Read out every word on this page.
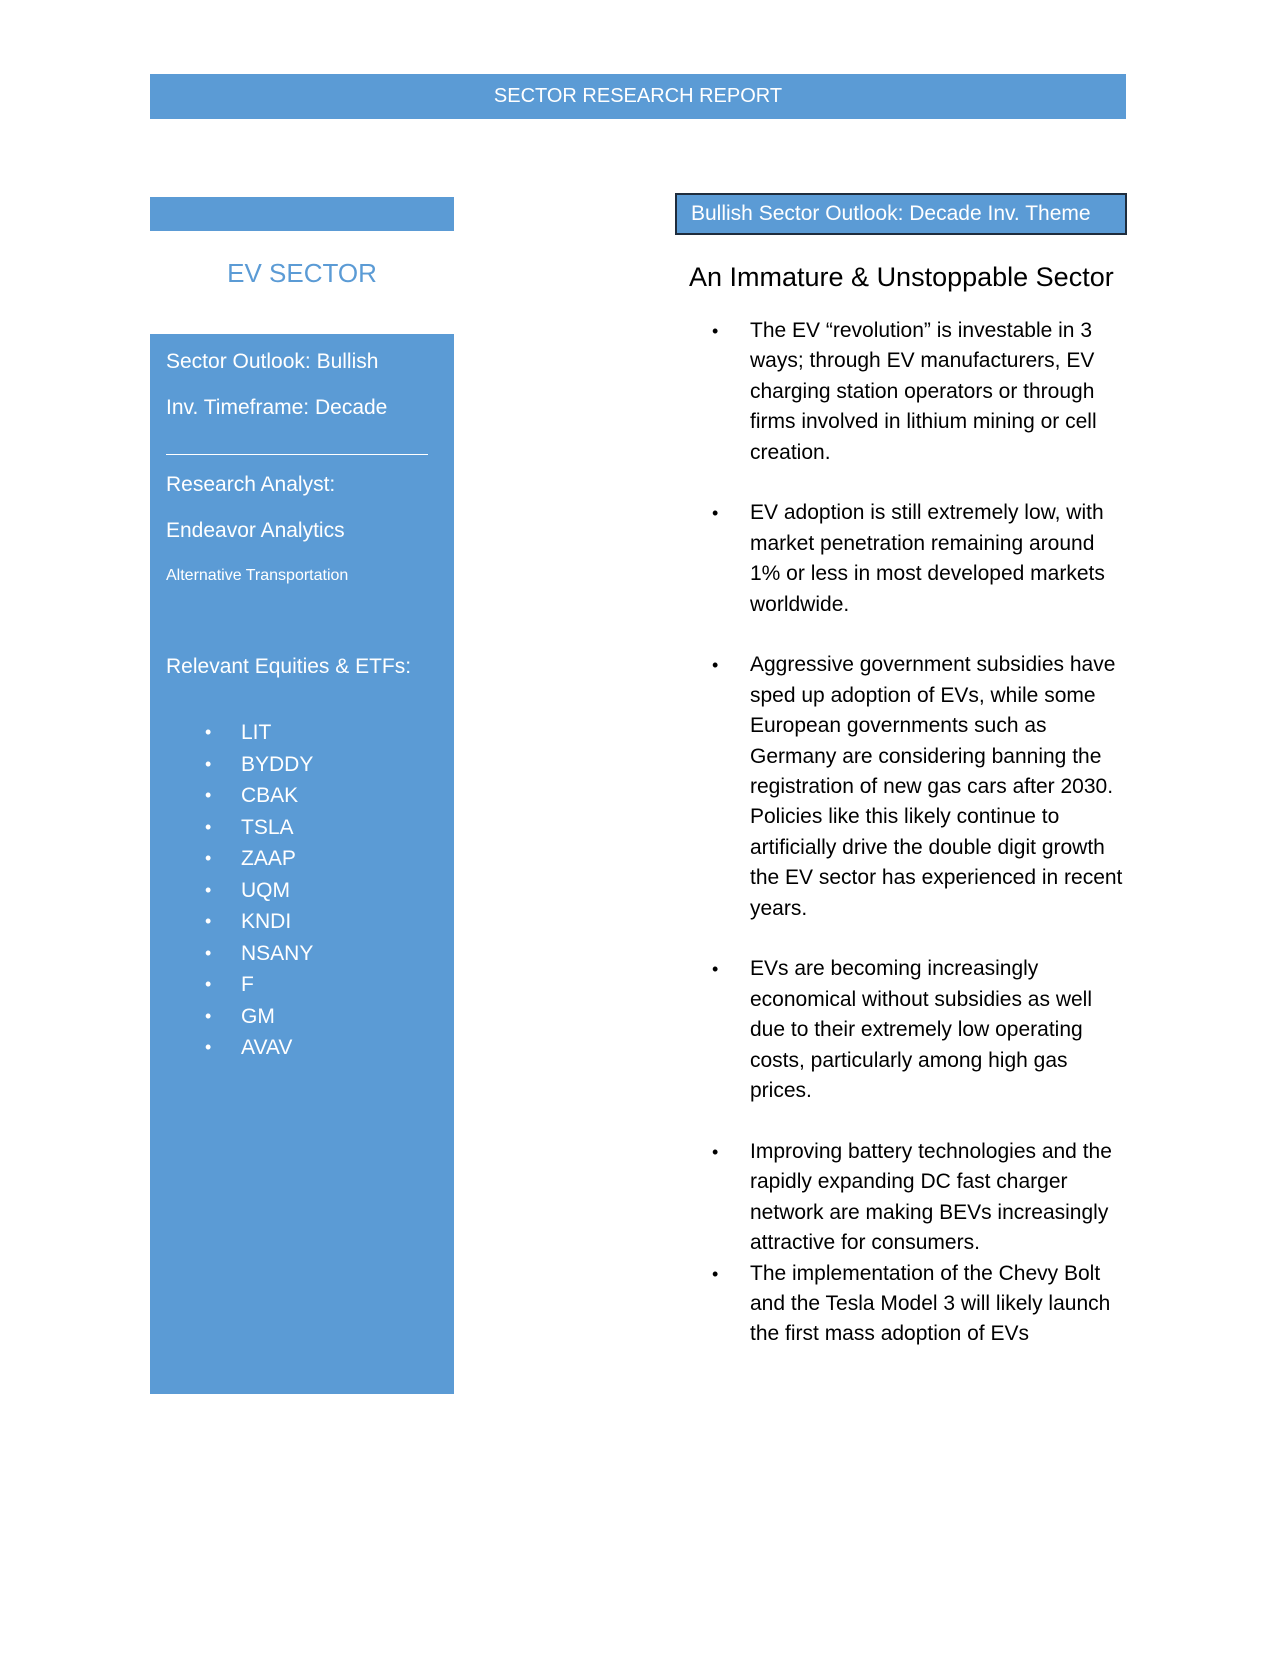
SECTOR RESEARCH REPORT
EV SECTOR
Sector Outlook: Bullish
Inv. Timeframe: Decade
Research Analyst:
Endeavor Analytics
Alternative Transportation
Relevant Equities & ETFs:
• LIT
• BYDDY
• CBAK
• TSLA
• ZAAP
• UQM
• KNDI
• NSANY
• F
• GM
• AVAV
Bullish Sector Outlook: Decade Inv. Theme
An Immature & Unstoppable Sector
• The EV “revolution” is investable in 3 ways; through EV manufacturers, EV charging station operators or through firms involved in lithium mining or cell creation.
• EV adoption is still extremely low, with market penetration remaining around 1% or less in most developed markets worldwide.
• Aggressive government subsidies have sped up adoption of EVs, while some European governments such as Germany are considering banning the registration of new gas cars after 2030. Policies like this likely continue to artificially drive the double digit growth the EV sector has experienced in recent years.
• EVs are becoming increasingly economical without subsidies as well due to their extremely low operating costs, particularly among high gas prices.
• Improving battery technologies and the rapidly expanding DC fast charger network are making BEVs increasingly attractive for consumers.
• The implementation of the Chevy Bolt and the Tesla Model 3 will likely launch the first mass adoption of EVs
